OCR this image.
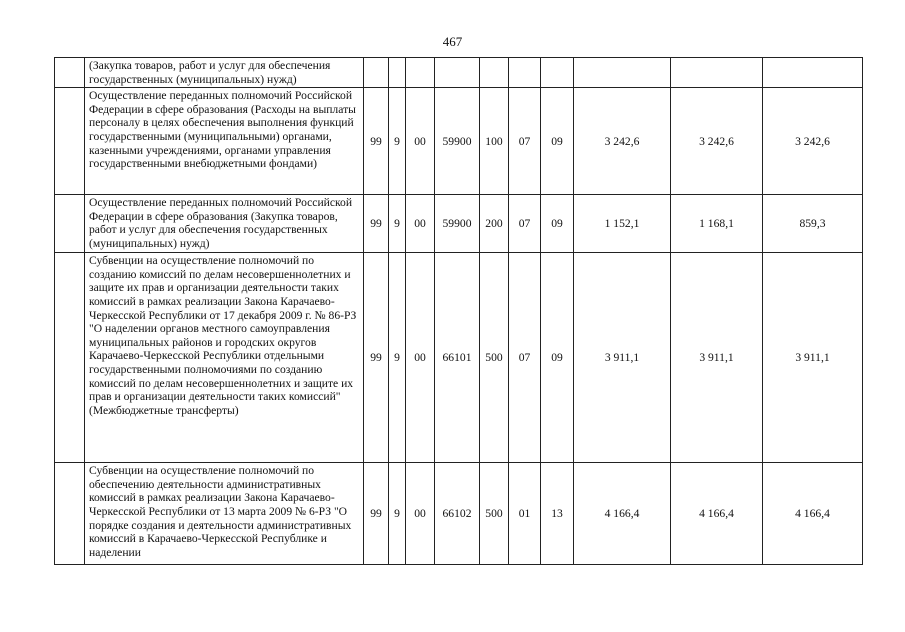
467
	(Закупка товаров, работ и услуг для обеспечения государственных (муниципальных) нужд)										
	Осуществление переданных полномочий Российской Федерации в сфере образования (Расходы на выплаты персоналу в целях обеспечения выполнения функций государственными (муниципальными) органами, казенными учреждениями, органами управления государственными внебюджетными фондами)	99	9	00	59900	100	07	09	3 242,6	3 242,6	3 242,6
	Осуществление переданных полномочий Российской Федерации в сфере образования (Закупка товаров, работ и услуг для обеспечения государственных (муниципальных) нужд)	99	9	00	59900	200	07	09	1 152,1	1 168,1	859,3
	Субвенции на осуществление полномочий по созданию комиссий по делам несовершеннолетних и защите их прав и организации деятельности таких комиссий в рамках реализации Закона Карачаево-Черкесской Республики от 17 декабря 2009 г. № 86-РЗ "О наделении органов местного самоуправления муниципальных районов и городских округов Карачаево-Черкесской Республики отдельными государственными полномочиями по созданию комиссий по делам несовершеннолетних и защите их прав и организации деятельности таких комиссий" (Межбюджетные трансферты)	99	9	00	66101	500	07	09	3 911,1	3 911,1	3 911,1
	Субвенции на осуществление полномочий по обеспечению деятельности административных комиссий в рамках реализации Закона Карачаево-Черкесской Республики от 13 марта 2009 № 6-РЗ "О порядке создания и деятельности административных комиссий в Карачаево-Черкесской Республике и наделении	99	9	00	66102	500	01	13	4 166,4	4 166,4	4 166,4
